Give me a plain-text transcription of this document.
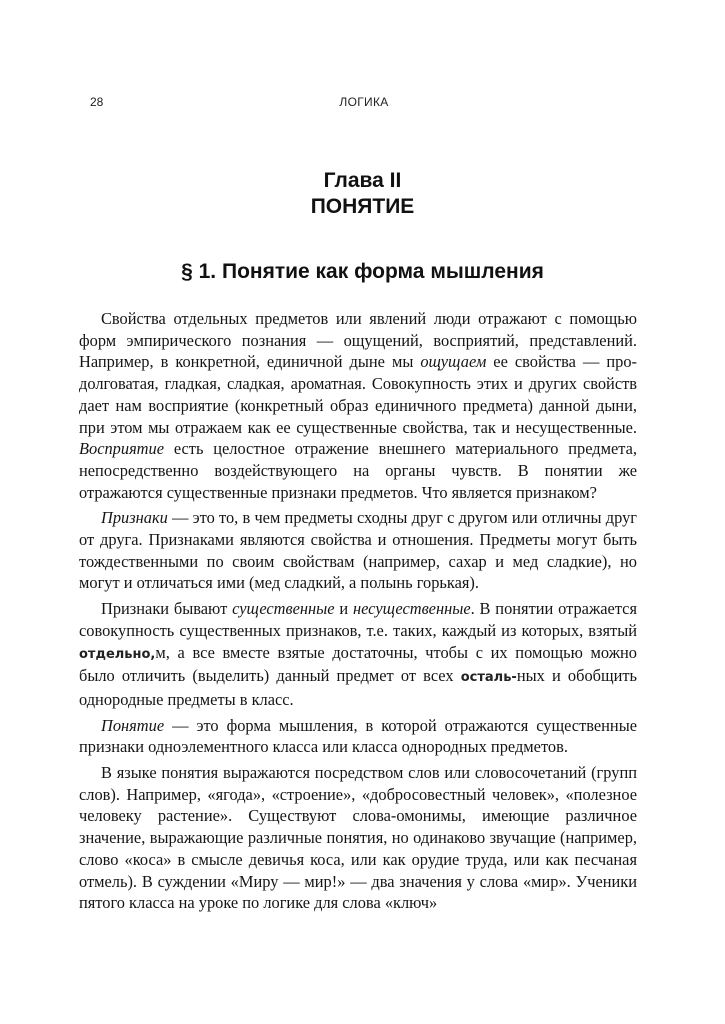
28	ЛОГИКА
Глава II
ПОНЯТИЕ
§ 1. Понятие как форма мышления

Свойства отдельных предметов или явлений люди отражают с помощью форм эмпирического познания — ощущений, восприятий, представлений. Например, в конкретной, единичной дыне мы ощущаем ее свойства — продолговатая, гладкая, сладкая, ароматная. Совокупность этих и других свойств дает нам восприятие (конкретный образ единичного предмета) данной дыни, при этом мы отражаем как ее существенные свойства, так и несущественные. Восприятие есть целостное отражение внешнего материального предмета, непосредственно воздействующего на органы чувств. В понятии же отражаются существенные признаки предметов. Что является признаком?

Признаки — это то, в чем предметы сходны друг с другом или отличны друг от друга. Признаками являются свойства и отношения. Предметы могут быть тождественными по своим свойствам (например, сахар и мед сладкие), но могут и отличаться ими (мед сладкий, а полынь горькая).

Признаки бывают существенные и несущественные. В понятии отражается совокупность существенных признаков, т.е. таких, каждый из которых, взятый отдельно,м, а все вместе взятые достаточны, чтобы с их помощью можно было отличить (выделить) данный предмет от всех осталь-ных и обобщить однородные предметы в класс.

Понятие — это форма мышления, в которой отражаются существенные признаки одноэлементного класса или класса однородных предметов.

В языке понятия выражаются посредством слов или словосочетаний (групп слов). Например, «ягода», «строение», «добросовестный человек», «полезное человеку растение». Существуют слова-омонимы, имеющие различное значение, выражающие различные понятия, но одинаково звучащие (например, слово «коса» в смысле девичья коса, или как орудие труда, или как песчаная отмель). В суждении «Миру — мир!» — два значения у слова «мир». Ученики пятого класса на уроке по логике для слова «ключ»
